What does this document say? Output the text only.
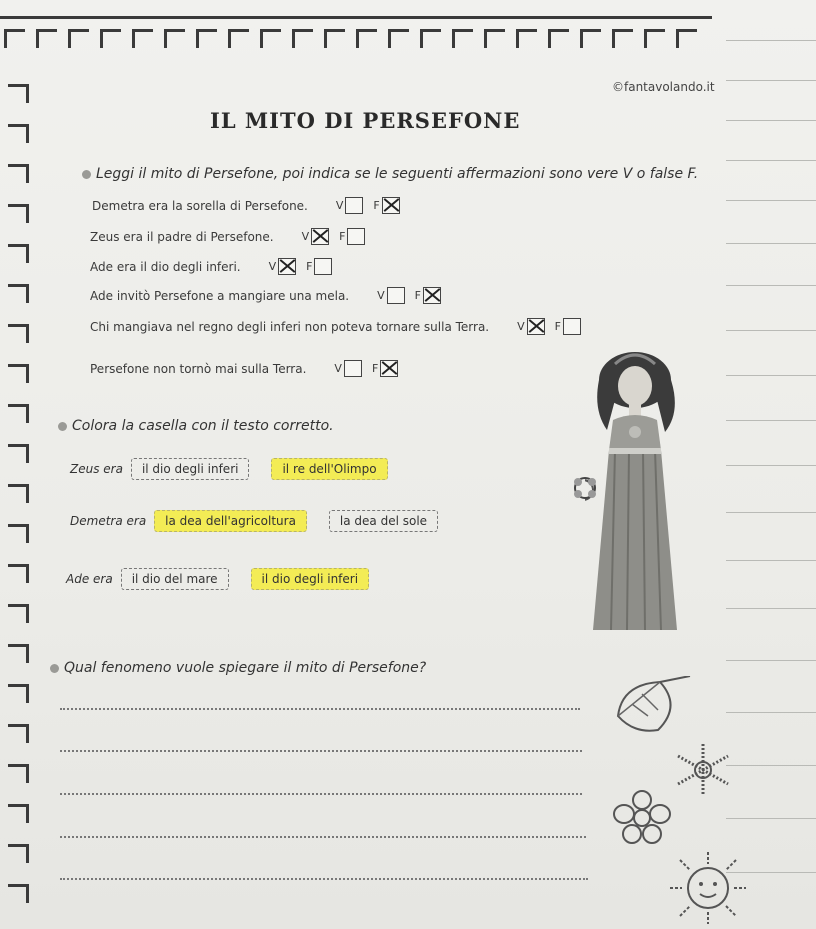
©fantavolando.it
IL MITO DI PERSEFONE
Leggi il mito di Persefone, poi indica se le seguenti affermazioni sono vere V o false F.
Demetra era la sorella di Persefone.	V	F
Zeus era il padre di Persefone.	V	F
Ade era il dio degli inferi.	V	F
Ade invitò Persefone a mangiare una mela.	V	F
Chi mangiava nel regno degli inferi non poteva tornare sulla Terra.	V	F
Persefone non tornò mai sulla Terra.	V	F
Colora la casella con il testo corretto.
Zeus era	il dio degli inferi	il re dell'Olimpo
Demetra era	la dea dell'agricoltura	la dea del sole
Ade era	il dio del mare	il dio degli inferi
Qual fenomeno vuole spiegare il mito di Persefone?
